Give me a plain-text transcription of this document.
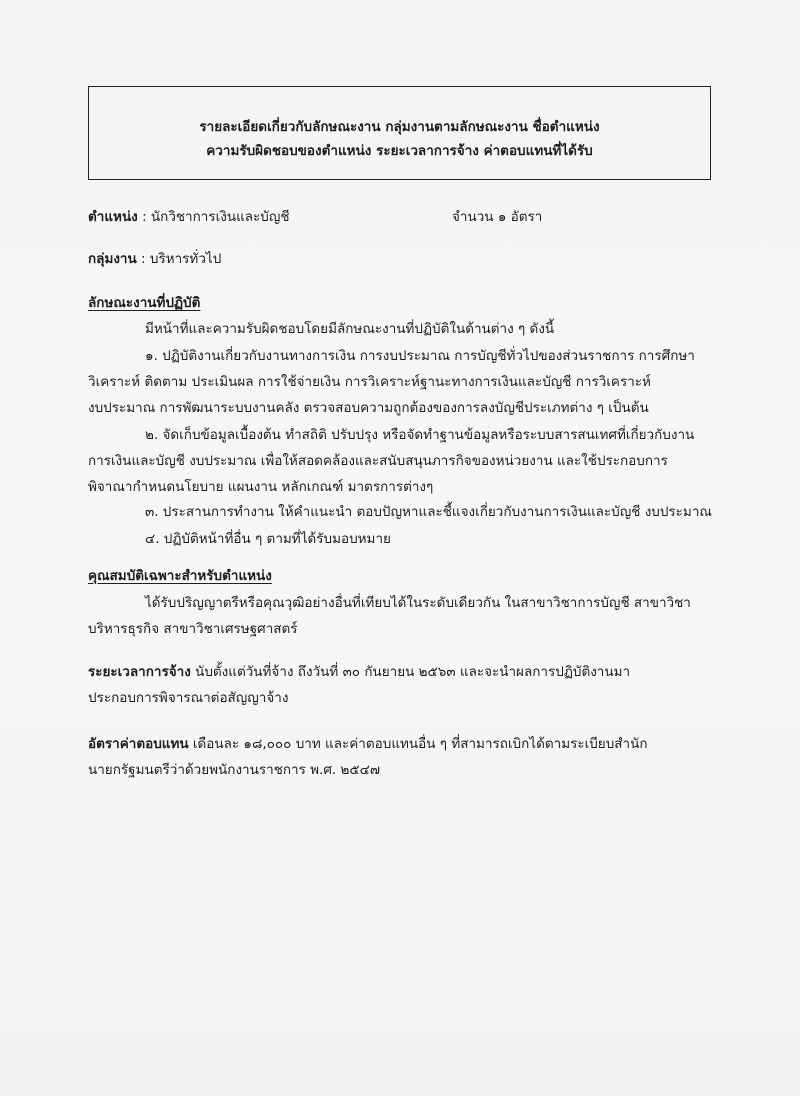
รายละเอียดเกี่ยวกับลักษณะงาน กลุ่มงานตามลักษณะงาน ชื่อตำแหน่ง
ความรับผิดชอบของตำแหน่ง ระยะเวลาการจ้าง ค่าตอบแทนที่ได้รับ
ตำแหน่ง : นักวิชาการเงินและบัญชี	จำนวน ๑ อัตรา
กลุ่มงาน : บริหารทั่วไป
ลักษณะงานที่ปฏิบัติ
มีหน้าที่และความรับผิดชอบโดยมีลักษณะงานที่ปฏิบัติในด้านต่าง ๆ ดังนี้
๑. ปฏิบัติงานเกี่ยวกับงานทางการเงิน การงบประมาณ การบัญชีทั่วไปของส่วนราชการ การศึกษา
วิเคราะห์ ติดตาม ประเมินผล การใช้จ่ายเงิน การวิเคราะห์ฐานะทางการเงินและบัญชี การวิเคราะห์
งบประมาณ การพัฒนาระบบงานคลัง ตรวจสอบความถูกต้องของการลงบัญชีประเภทต่าง ๆ เป็นต้น
๒. จัดเก็บข้อมูลเบื้องต้น ทำสถิติ ปรับปรุง หรือจัดทำฐานข้อมูลหรือระบบสารสนเทศที่เกี่ยวกับงาน
การเงินและบัญชี งบประมาณ เพื่อให้สอดคล้องและสนับสนุนภารกิจของหน่วยงาน และใช้ประกอบการ
พิจาณากำหนดนโยบาย แผนงาน หลักเกณฑ์ มาตรการต่างๆ
๓. ประสานการทำงาน ให้คำแนะนำ ตอบปัญหาและชี้แจงเกี่ยวกับงานการเงินและบัญชี งบประมาณ
๔. ปฏิบัติหน้าที่อื่น ๆ ตามที่ได้รับมอบหมาย
คุณสมบัติเฉพาะสำหรับตำแหน่ง
ได้รับปริญญาตรีหรือคุณวุฒิอย่างอื่นที่เทียบได้ในระดับเดียวกัน ในสาขาวิชาการบัญชี สาขาวิชา
บริหารธุรกิจ สาขาวิชาเศรษฐศาสตร์
ระยะเวลาการจ้าง นับตั้งแต่วันที่จ้าง ถึงวันที่ ๓๐ กันยายน ๒๕๖๓ และจะนำผลการปฏิบัติงานมา
ประกอบการพิจารณาต่อสัญญาจ้าง
อัตราค่าตอบแทน เดือนละ ๑๘,๐๐๐ บาท และค่าตอบแทนอื่น ๆ ที่สามารถเบิกได้ตามระเบียบสำนัก
นายกรัฐมนตรีว่าด้วยพนักงานราชการ พ.ศ. ๒๕๔๗
